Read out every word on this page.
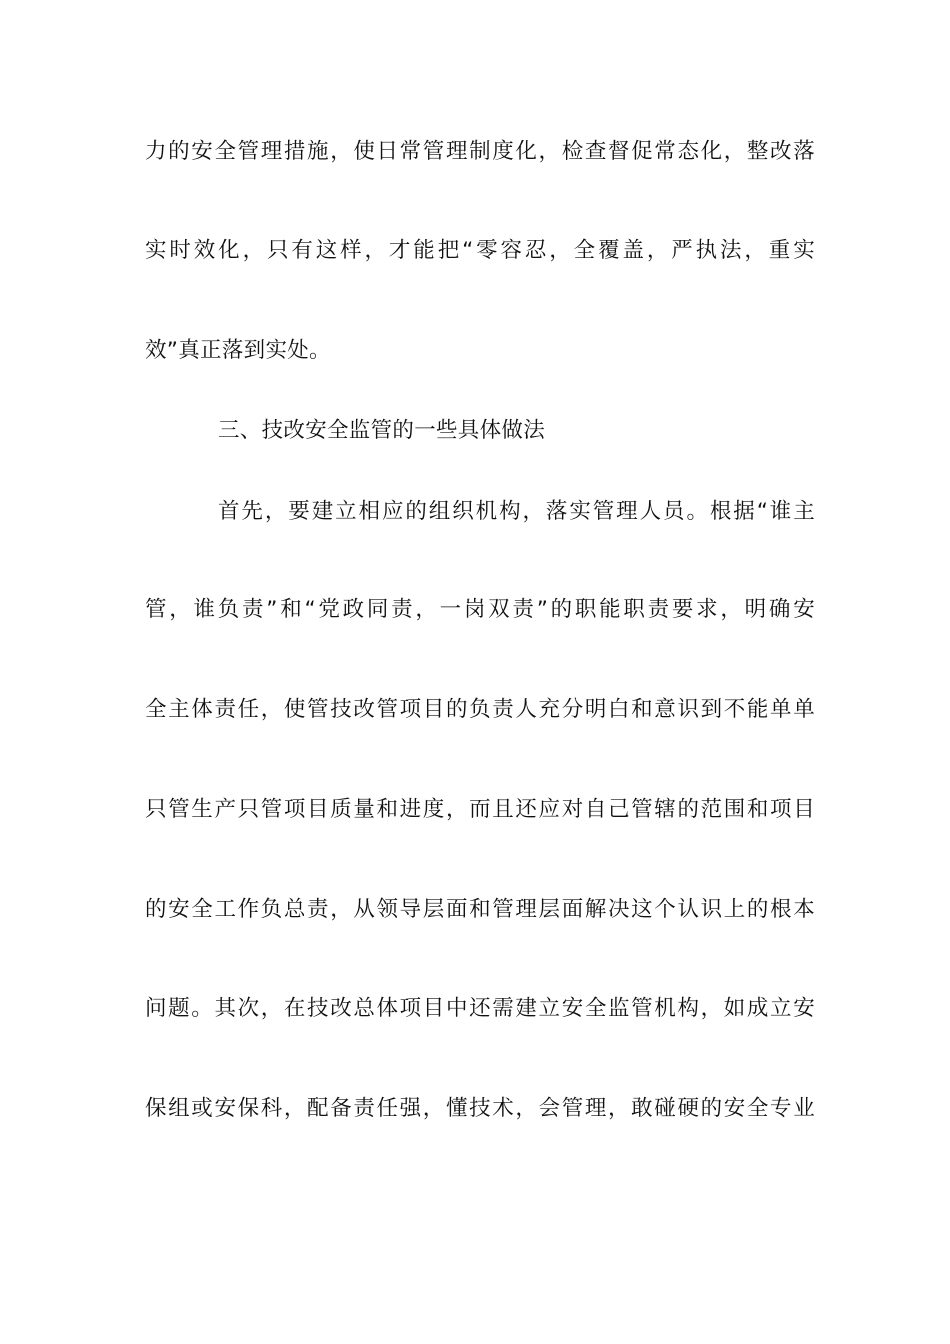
力的安全管理措施，使日常管理制度化，检查督促常态化，整改落
实时效化，只有这样，才能把“零容忍，全覆盖，严执法，重实
效”真正落到实处。
三、技改安全监管的一些具体做法
首先，要建立相应的组织机构，落实管理人员。根据“谁主
管，谁负责”和“党政同责，一岗双责”的职能职责要求，明确安
全主体责任，使管技改管项目的负责人充分明白和意识到不能单单
只管生产只管项目质量和进度，而且还应对自己管辖的范围和项目
的安全工作负总责，从领导层面和管理层面解决这个认识上的根本
问题。其次，在技改总体项目中还需建立安全监管机构，如成立安
保组或安保科，配备责任强，懂技术，会管理，敢碰硬的安全专业
